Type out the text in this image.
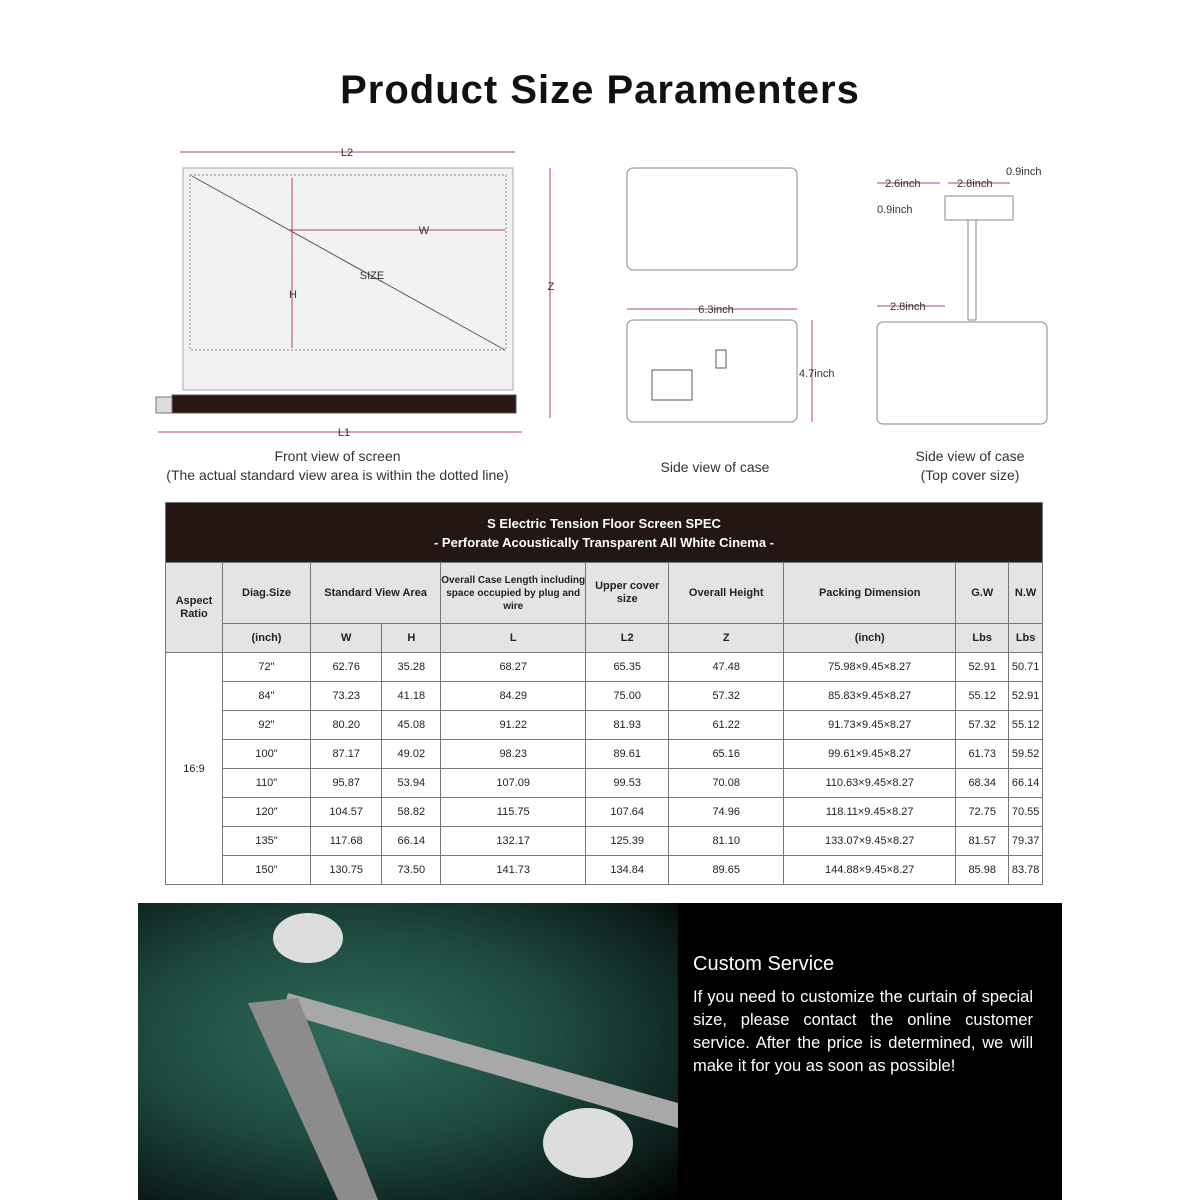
Product Size Paramenters
L2
W
SIZE
H
Z
L1
6.3inch
4.7inch
2.6inch	2.8inch
0.9inch
0.9inch
2.8inch
Front view of screen
(The actual standard view area is within the dotted line)	Side view of case
Side view of case
(Top cover size)
S Electric Tension Floor Screen SPEC
- Perforate Acoustically Transparent All White Cinema -									

Aspect Ratio	Diag.Size	Standard View Area		Overall Case Length including space occupied by plug and wire	Upper cover size	Overall Height	Packing Dimension	G.W	N.W
	(inch)	W	H	L	L2	Z	(inch)	Lbs	Lbs
16:9	72"	62.76	35.28	68.27	65.35	47.48	75.98×9.45×8.27	52.91	50.71
	84"	73.23	41.18	84.29	75.00	57.32	85.83×9.45×8.27	55.12	52.91
	92"	80.20	45.08	91.22	81.93	61.22	91.73×9.45×8.27	57.32	55.12
	100"	87.17	49.02	98.23	89.61	65.16	99.61×9.45×8.27	61.73	59.52
	110"	95.87	53.94	107.09	99.53	70.08	110.63×9.45×8.27	68.34	66.14
	120"	104.57	58.82	115.75	107.64	74.96	118.11×9.45×8.27	72.75	70.55
	135"	117.68	66.14	132.17	125.39	81.10	133.07×9.45×8.27	81.57	79.37
	150"	130.75	73.50	141.73	134.84	89.65	144.88×9.45×8.27	85.98	83.78
Custom Service

If you need to customize the curtain of special size, please contact the online customer service. After the price is determined, we will make it for you as soon as possible!
